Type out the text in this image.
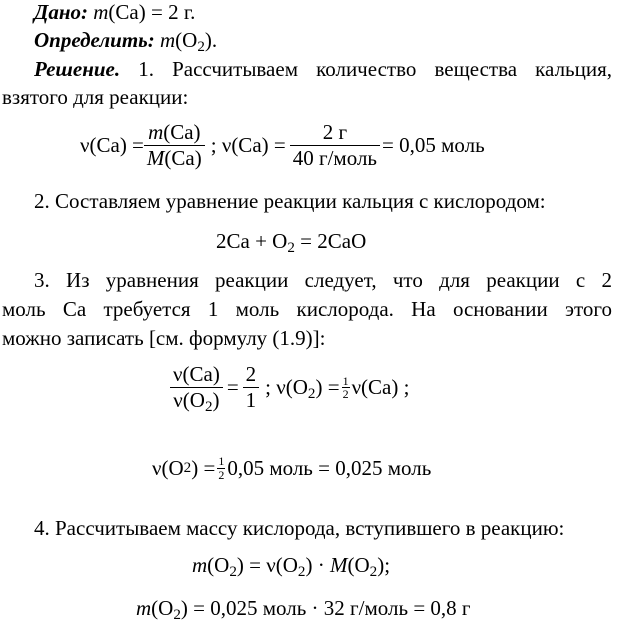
Дано: m(Ca) = 2 г.
Определить: $m(O_2)$.
Решение. 1. Рассчитываем количество вещества кальция,
взятого для реакции:
$\nu(Ca) = \frac{m(Ca)}{M(Ca)}$ ; $\nu(Ca) = \frac{2 г}{\text{40 г/моль}} = 0,05$ моль
2. Составляем уравнение реакции кальция с кислородом:
$2Ca + O_2 = 2CaO$
3. Из уравнения реакции следует, что для реакции с 2
моль Ca требуется 1 моль кислорода. На основании этого
можно записать [см. формулу (1.9)]:
$\frac{\nu(Ca)}{\nu(O_2)} = \frac{2}{1}$ ; $\nu(O_2) = \frac{1}{2} \nu(Ca)$ ;
ν(O 2 ) = $\frac{1}{2} 0,05$ моль = 0,025 моль
4. Рассчитываем массу кислорода, вступившего в реакцию:
$m(O_2) = \nu(O_2) \cdot M(O_2)$;
$m(O_2) = 0,025$ моль · 32 г/моль = 0,8 г
